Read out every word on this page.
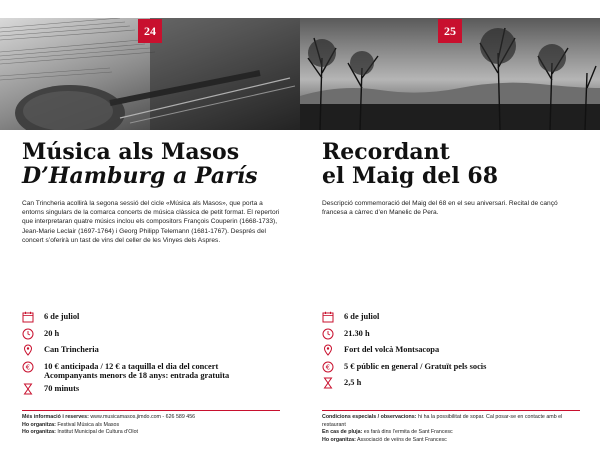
24
Música als Masos
D’Hamburg a París

Can Trincheria acollirà la segona sessió del cicle «Música als Masos», que porta a entorns singulars de la comarca concerts de música clàssica de petit format. El repertori que interpretaran quatre músics inclou els compositors François Couperin (1668-1733), Jean-Marie Leclair (1697-1764) i Georg Philipp Telemann (1681-1767). Després del concert s’oferirà un tast de vins del celler de les Vinyes dels Aspres.

6 de juliol
20 h
Can Trincheria
€ 10 € anticipada / 12 € a taquilla el dia del concert
Acompanyants menors de 18 anys: entrada gratuïta
70 minuts
Més informació i reserves: www.musicamasos.jimdo.com - 626 589 456
Ho organitza: Festival Música als Masos
Ho organitza: Institut Municipal de Cultura d’Olot
25
Recordant
el Maig del 68

Descripció commemoració del Maig del 68 en el seu aniversari. Recital de cançó francesa a càrrec d’en Manelic de Pera.

6 de juliol
21.30 h
Fort del volcà Montsacopa
€ 5 € públic en general / Gratuït pels socis
2,5 h
Condicions especials / observacions: hi ha la possibilitat de sopar. Cal posar-se en contacte amb el restaurant
En cas de pluja: es farà dins l’ermita de Sant Francesc
Ho organitza: Associació de veïns de Sant Francesc
